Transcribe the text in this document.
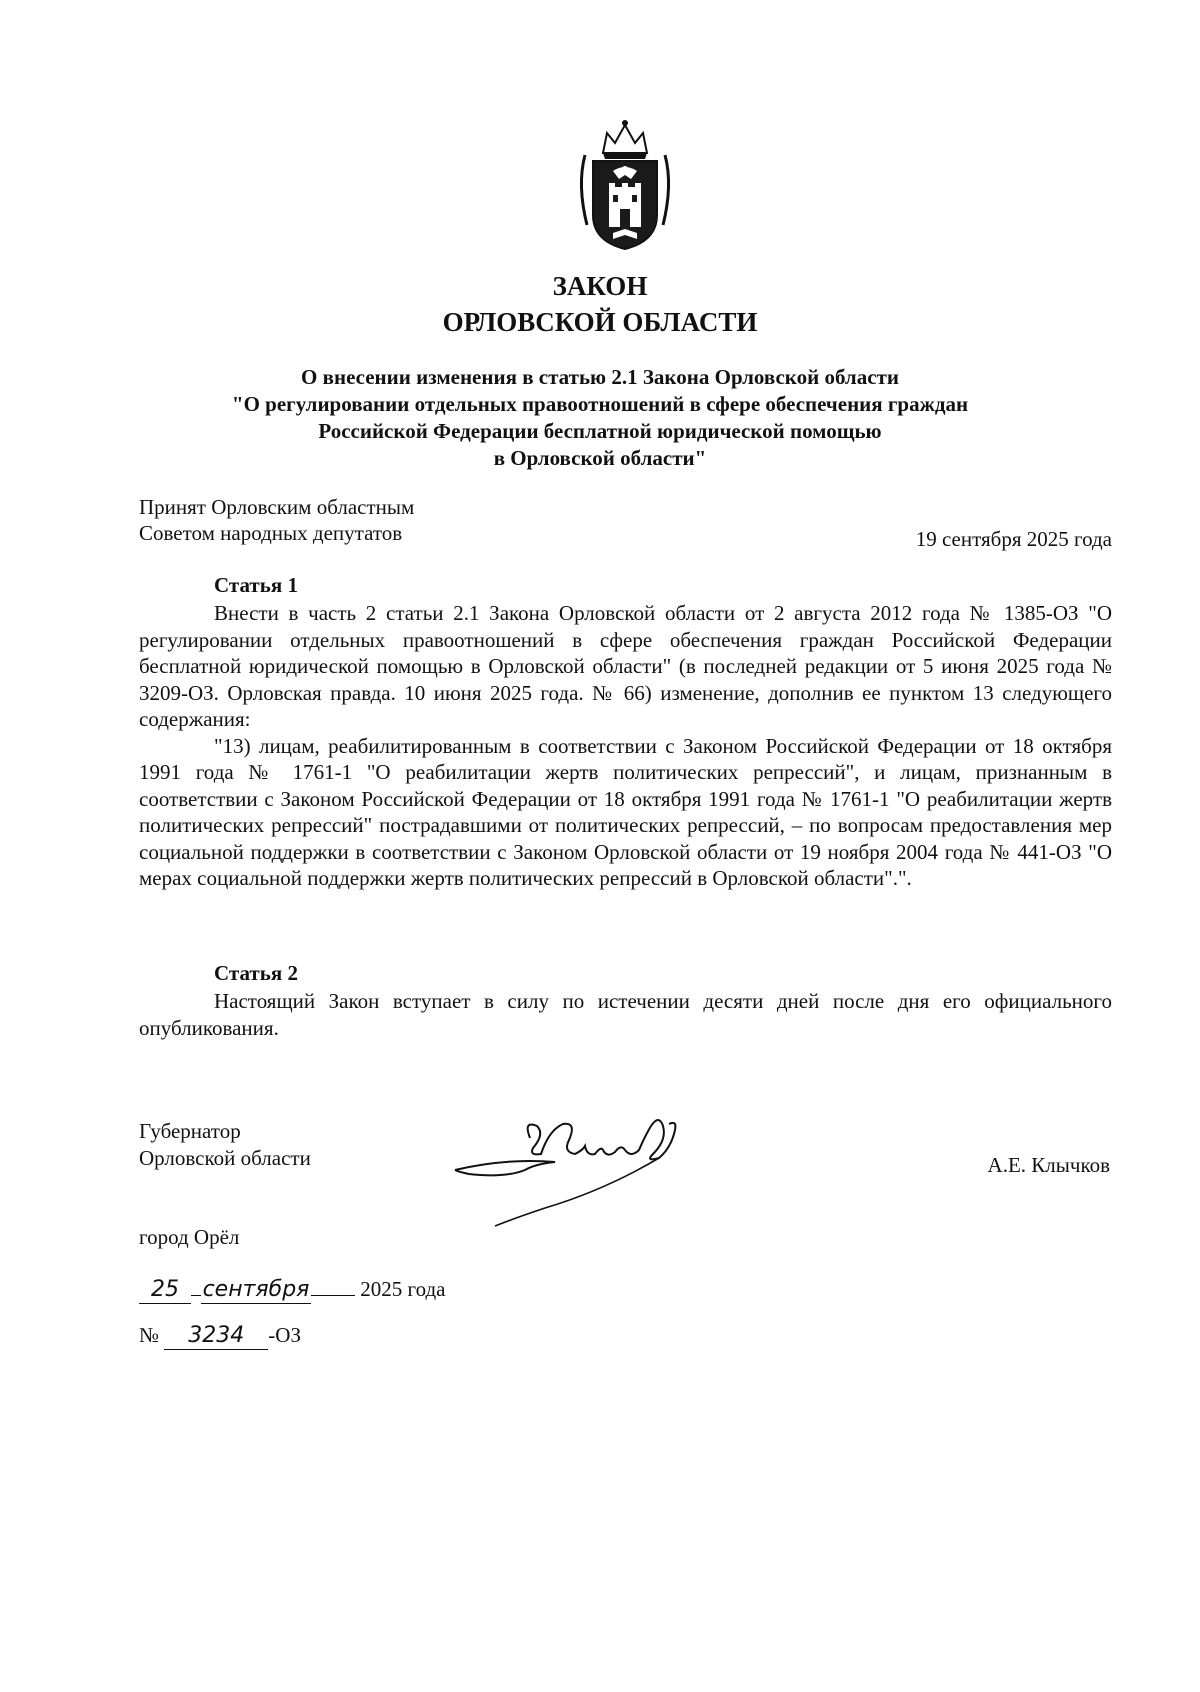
ЗАКОН
ОРЛОВСКОЙ ОБЛАСТИ
О внесении изменения в статью 2.1 Закона Орловской области
"О регулировании отдельных правоотношений в сфере обеспечения граждан
Российской Федерации бесплатной юридической помощью
в Орловской области"
Принят Орловским областным
Советом народных депутатов	19 сентября 2025 года
Статья 1

Внести в часть 2 статьи 2.1 Закона Орловской области от 2 августа 2012 года № 1385-ОЗ "О регулировании отдельных правоотношений в сфере обеспечения граждан Российской Федерации бесплатной юридической помощью в Орловской области" (в последней редакции от 5 июня 2025 года № 3209-ОЗ. Орловская правда. 10 июня 2025 года. № 66) изменение, дополнив ее пунктом 13 следующего содержания:

"13) лицам, реабилитированным в соответствии с Законом Российской Федерации от 18 октября 1991 года № 1761-1 "О реабилитации жертв политических репрессий", и лицам, признанным в соответствии с Законом Российской Федерации от 18 октября 1991 года № 1761-1 "О реабилитации жертв политических репрессий" пострадавшими от политических репрессий, – по вопросам предоставления мер социальной поддержки в соответствии с Законом Орловской области от 19 ноября 2004 года № 441-ОЗ "О мерах социальной поддержки жертв политических репрессий в Орловской области".".

Статья 2

Настоящий Закон вступает в силу по истечении десяти дней после дня его официального опубликования.

Губернатор
Орловской области	А.Е. Клычков
город Орёл
25 сентября 2025 года
№ 3234 -ОЗ
